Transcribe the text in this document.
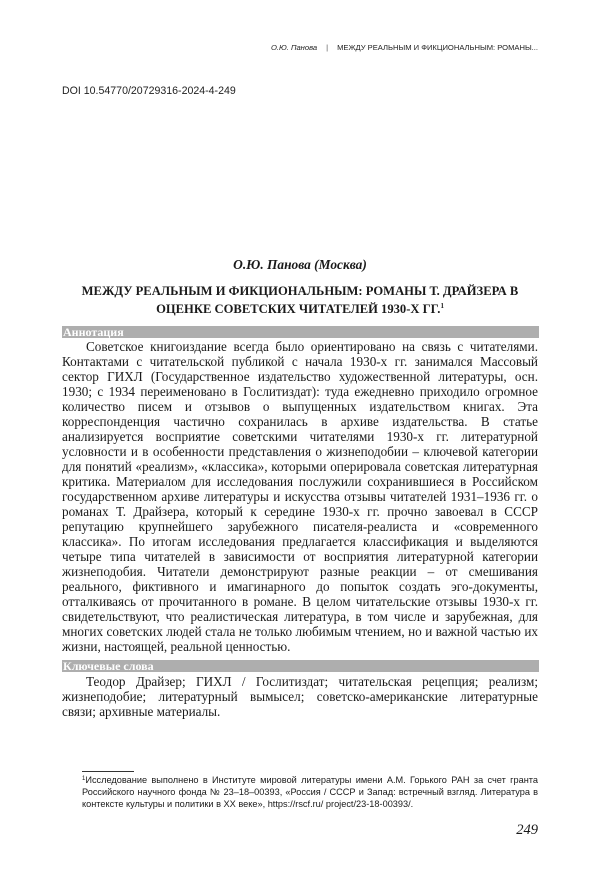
О.Ю. Панова | МЕЖДУ РЕАЛЬНЫМ И ФИКЦИОНАЛЬНЫМ: РОМАНЫ...
DOI 10.54770/20729316-2024-4-249
О.Ю. Панова (Москва)
МЕЖДУ РЕАЛЬНЫМ И ФИКЦИОНАЛЬНЫМ: РОМАНЫ Т. ДРАЙЗЕРА В ОЦЕНКЕ СОВЕТСКИХ ЧИТАТЕЛЕЙ 1930-Х ГГ.$^1$
Аннотация

Советское книгоиздание всегда было ориентировано на связь с читателями. Контактами с читательской публикой с начала 1930-х гг. занимался Массовый сектор ГИХЛ (Государственное издательство художественной литературы, осн. 1930; с 1934 переименовано в Гослитиздат): туда ежедневно приходило огромное количество писем и отзывов о выпущенных издательством книгах. Эта корреспонденция частично сохранилась в архиве издательства. В статье анализируется восприятие советскими читателями 1930-х гг. литературной условности и в особенности представления о жизнеподобии – ключевой категории для понятий «реализм», «классика», которыми оперировала советская литературная критика. Материалом для исследования послужили сохранившиеся в Российском государственном архиве литературы и искусства отзывы читателей 1931–1936 гг. о романах Т. Драйзера, который к середине 1930-х гг. прочно завоевал в СССР репутацию крупнейшего зарубежного писателя-реалиста и «современного классика». По итогам исследования предлагается классификация и выделяются четыре типа читателей в зависимости от восприятия литературной категории жизнеподобия. Читатели демонстрируют разные реакции – от смешивания реального, фиктивного и имагинарного до попыток создать эго-документы, отталкиваясь от прочитанного в романе. В целом читательские отзывы 1930-х гг. свидетельствуют, что реалистическая литература, в том числе и зарубежная, для многих советских людей стала не только любимым чтением, но и важной частью их жизни, настоящей, реальной ценностью.

Ключевые слова

Теодор Драйзер; ГИХЛ / Гослитиздат; читательская рецепция; реализм; жизнеподобие; литературный вымысел; советско-американские литературные связи; архивные материалы.

$^1$Исследование выполнено в Институте мировой литературы имени А.М. Горького РАН за счет гранта Российского научного фонда № 23–18–00393, «Россия / СССР и Запад: встречный взгляд. Литература в контексте культуры и политики в XX веке», https://rscf.ru/ project/23-18-00393/.

249
